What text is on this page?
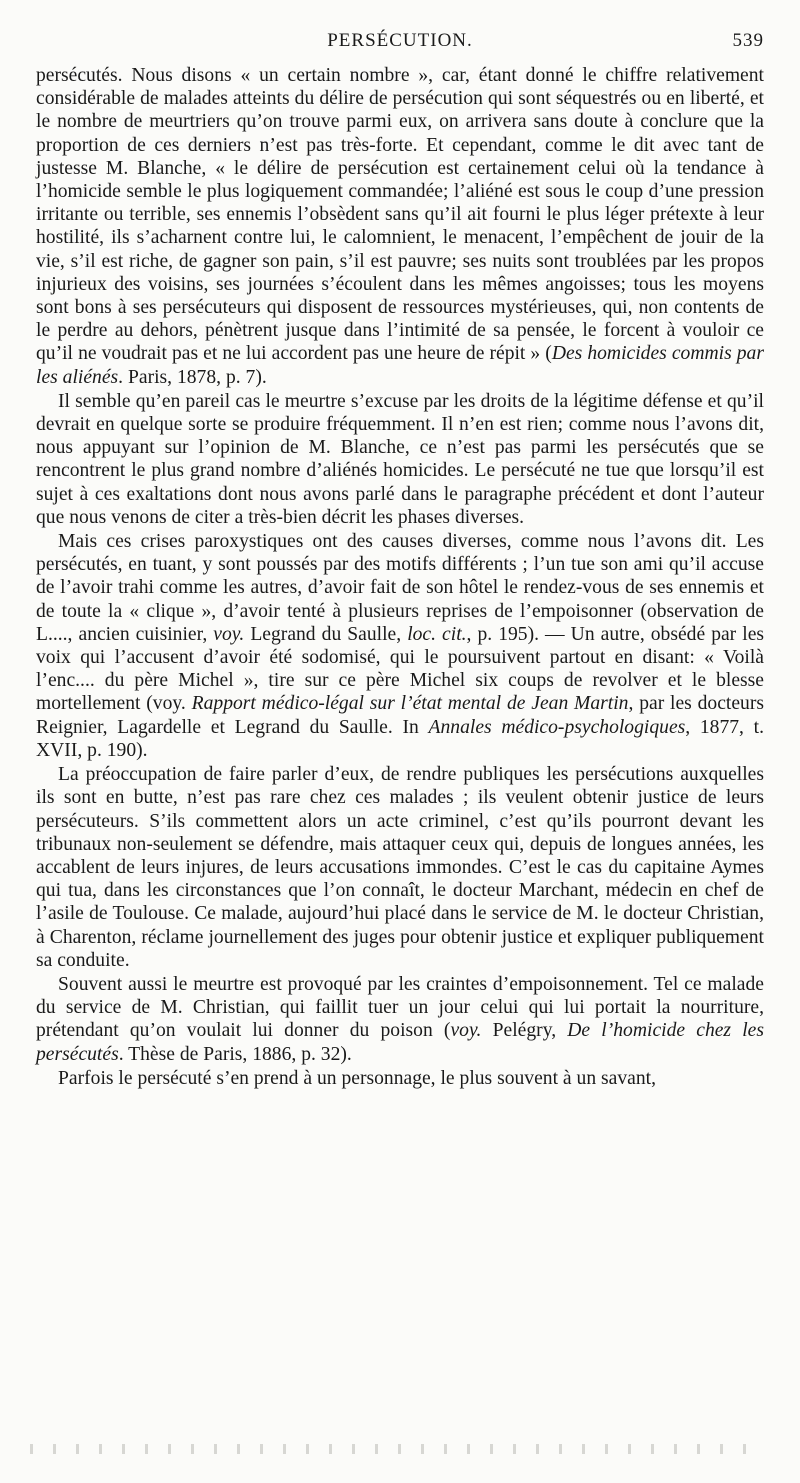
PERSÉCUTION.	539

persécutés. Nous disons « un certain nombre », car, étant donné le chiffre relativement considérable de malades atteints du délire de persécution qui sont séquestrés ou en liberté, et le nombre de meurtriers qu’on trouve parmi eux, on arrivera sans doute à conclure que la proportion de ces derniers n’est pas très-forte. Et cependant, comme le dit avec tant de justesse M. Blanche, « le délire de persécution est certainement celui où la tendance à l’homicide semble le plus logiquement commandée; l’aliéné est sous le coup d’une pression irritante ou terrible, ses ennemis l’obsèdent sans qu’il ait fourni le plus léger prétexte à leur hostilité, ils s’acharnent contre lui, le calomnient, le menacent, l’empêchent de jouir de la vie, s’il est riche, de gagner son pain, s’il est pauvre; ses nuits sont troublées par les propos injurieux des voisins, ses journées s’écoulent dans les mêmes angoisses; tous les moyens sont bons à ses persécuteurs qui disposent de ressources mystérieuses, qui, non contents de le perdre au dehors, pénètrent jusque dans l’intimité de sa pensée, le forcent à vouloir ce qu’il ne voudrait pas et ne lui accordent pas une heure de répit » (Des homicides commis par les aliénés. Paris, 1878, p. 7).

Il semble qu’en pareil cas le meurtre s’excuse par les droits de la légitime défense et qu’il devrait en quelque sorte se produire fréquemment. Il n’en est rien; comme nous l’avons dit, nous appuyant sur l’opinion de M. Blanche, ce n’est pas parmi les persécutés que se rencontrent le plus grand nombre d’aliénés homicides. Le persécuté ne tue que lorsqu’il est sujet à ces exaltations dont nous avons parlé dans le paragraphe précédent et dont l’auteur que nous venons de citer a très-bien décrit les phases diverses.

Mais ces crises paroxystiques ont des causes diverses, comme nous l’avons dit. Les persécutés, en tuant, y sont poussés par des motifs différents ; l’un tue son ami qu’il accuse de l’avoir trahi comme les autres, d’avoir fait de son hôtel le rendez-vous de ses ennemis et de toute la « clique », d’avoir tenté à plusieurs reprises de l’empoisonner (observation de L...., ancien cuisinier, voy. Legrand du Saulle, loc. cit., p. 195). — Un autre, obsédé par les voix qui l’accusent d’avoir été sodomisé, qui le poursuivent partout en disant: « Voilà l’enc.... du père Michel », tire sur ce père Michel six coups de revolver et le blesse mortellement (voy. Rapport médico-légal sur l’état mental de Jean Martin, par les docteurs Reignier, Lagardelle et Legrand du Saulle. In Annales médico-psychologiques, 1877, t. XVII, p. 190).

La préoccupation de faire parler d’eux, de rendre publiques les persécutions auxquelles ils sont en butte, n’est pas rare chez ces malades ; ils veulent obtenir justice de leurs persécuteurs. S’ils commettent alors un acte criminel, c’est qu’ils pourront devant les tribunaux non-seulement se défendre, mais attaquer ceux qui, depuis de longues années, les accablent de leurs injures, de leurs accusations immondes. C’est le cas du capitaine Aymes qui tua, dans les circonstances que l’on connaît, le docteur Marchant, médecin en chef de l’asile de Toulouse. Ce malade, aujourd’hui placé dans le service de M. le docteur Christian, à Charenton, réclame journellement des juges pour obtenir justice et expliquer publiquement sa conduite.

Souvent aussi le meurtre est provoqué par les craintes d’empoisonnement. Tel ce malade du service de M. Christian, qui faillit tuer un jour celui qui lui portait la nourriture, prétendant qu’on voulait lui donner du poison (voy. Pelégry, De l’homicide chez les persécutés. Thèse de Paris, 1886, p. 32).

Parfois le persécuté s’en prend à un personnage, le plus souvent à un savant,
